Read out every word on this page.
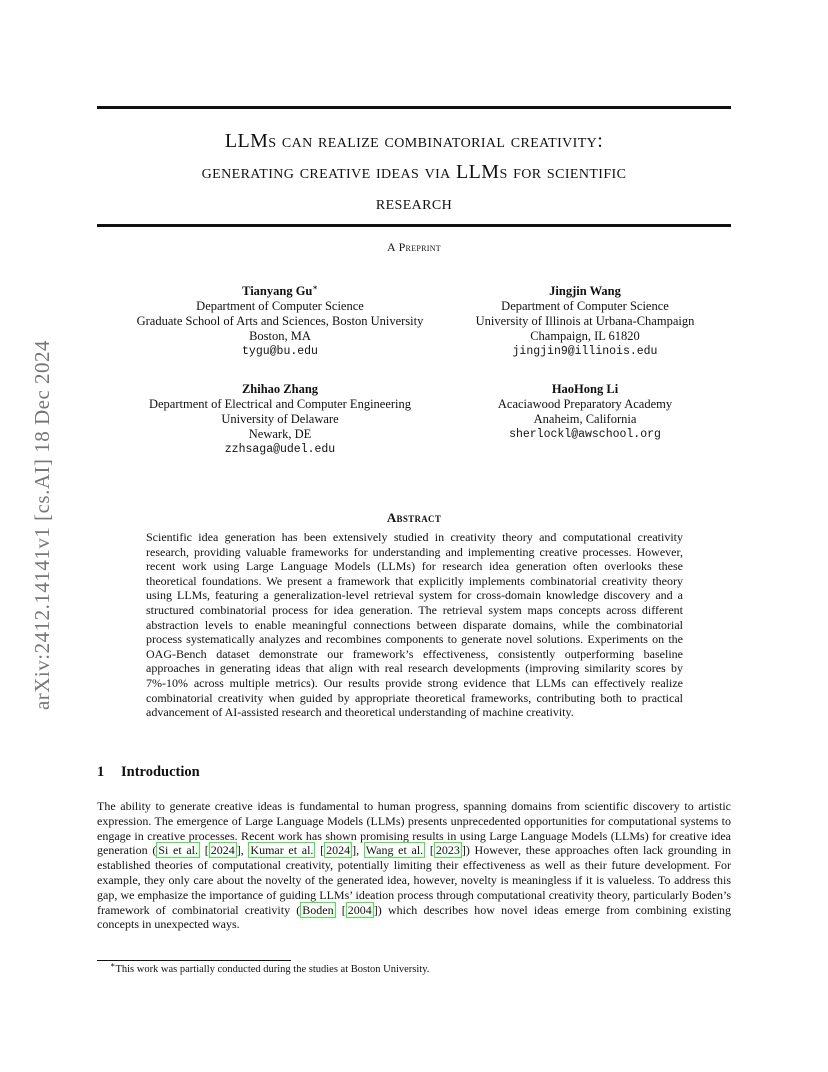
arXiv:2412.14141v1 [cs.AI] 18 Dec 2024
LLMs can realize combinatorial creativity:
generating creative ideas via LLMs for scientific
research
A Preprint
Tianyang Gu∗
Department of Computer Science
Graduate School of Arts and Sciences, Boston University
Boston, MA
tygu@bu.edu
Jingjin Wang
Department of Computer Science
University of Illinois at Urbana-Champaign
Champaign, IL 61820
jingjin9@illinois.edu
Zhihao Zhang
Department of Electrical and Computer Engineering
University of Delaware
Newark, DE
zzhsaga@udel.edu
HaoHong Li
Acaciawood Preparatory Academy
Anaheim, California
sherlockl@awschool.org
Abstract

Scientific idea generation has been extensively studied in creativity theory and computational creativity research, providing valuable frameworks for understanding and implementing creative processes. However, recent work using Large Language Models (LLMs) for research idea generation often overlooks these theoretical foundations. We present a framework that explicitly implements combinatorial creativity theory using LLMs, featuring a generalization-level retrieval system for cross-domain knowledge discovery and a structured combinatorial process for idea generation. The retrieval system maps concepts across different abstraction levels to enable meaningful connections between disparate domains, while the combinatorial process systematically analyzes and recombines components to generate novel solutions. Experiments on the OAG-Bench dataset demonstrate our framework’s effectiveness, consistently outperforming baseline approaches in generating ideas that align with real research developments (improving similarity scores by 7%-10% across multiple metrics). Our results provide strong evidence that LLMs can effectively realize combinatorial creativity when guided by appropriate theoretical frameworks, contributing both to practical advancement of AI-assisted research and theoretical understanding of machine creativity.

1 Introduction

The ability to generate creative ideas is fundamental to human progress, spanning domains from scientific discovery to artistic expression. The emergence of Large Language Models (LLMs) presents unprecedented opportunities for computational systems to engage in creative processes. Recent work has shown promising results in using Large Language Models (LLMs) for creative idea generation ( Si et al. [ 2024 ], Kumar et al. [ 2024 ], Wang et al. [ 2023 ]) However, these approaches often lack grounding in established theories of computational creativity, potentially limiting their effectiveness as well as their future development. For example, they only care about the novelty of the generated idea, however, novelty is meaningless if it is valueless. To address this gap, we emphasize the importance of guiding LLMs’ ideation process through computational creativity theory, particularly Boden’s framework of combinatorial creativity ( Boden [ 2004 ]) which describes how novel ideas emerge from combining existing concepts in unexpected ways.

∗This work was partially conducted during the studies at Boston University.
